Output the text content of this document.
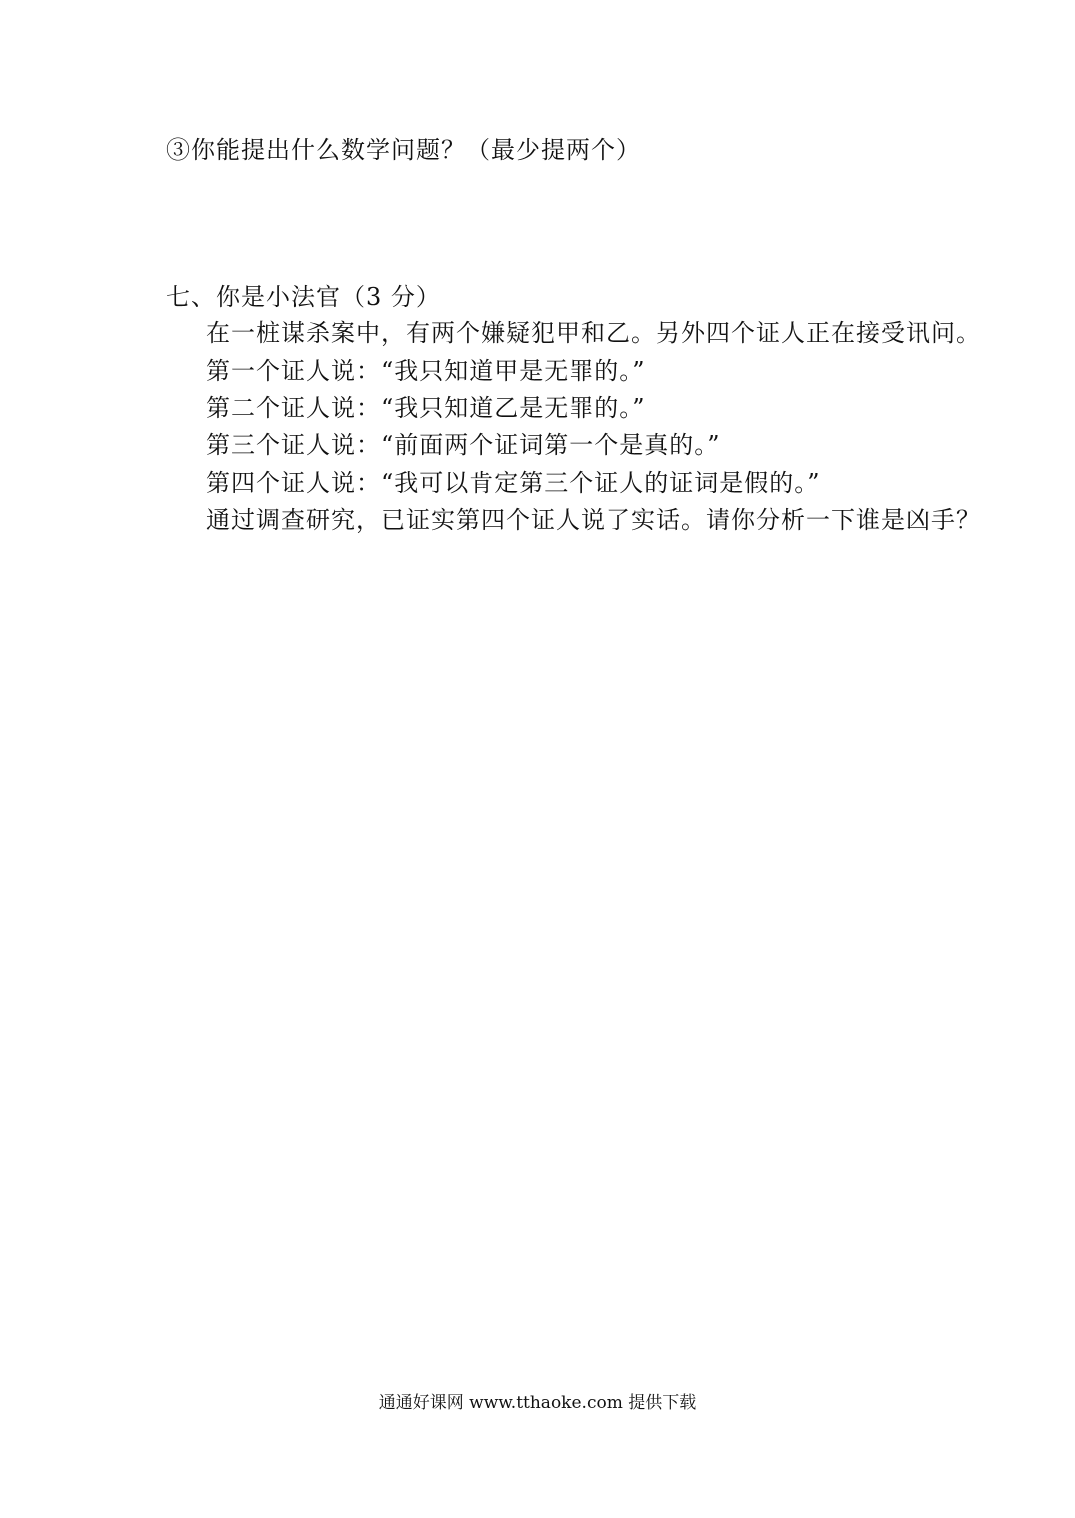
③你能提出什么数学问题？（最少提两个）
七、你是小法官（3 分）
在一桩谋杀案中，有两个嫌疑犯甲和乙。另外四个证人正在接受讯问。
第一个证人说：“我只知道甲是无罪的。”
第二个证人说：“我只知道乙是无罪的。”
第三个证人说：“前面两个证词第一个是真的。”
第四个证人说：“我可以肯定第三个证人的证词是假的。”
通过调查研究，已证实第四个证人说了实话。请你分析一下谁是凶手？
通通好课网 www.tthaoke.com 提供下载
